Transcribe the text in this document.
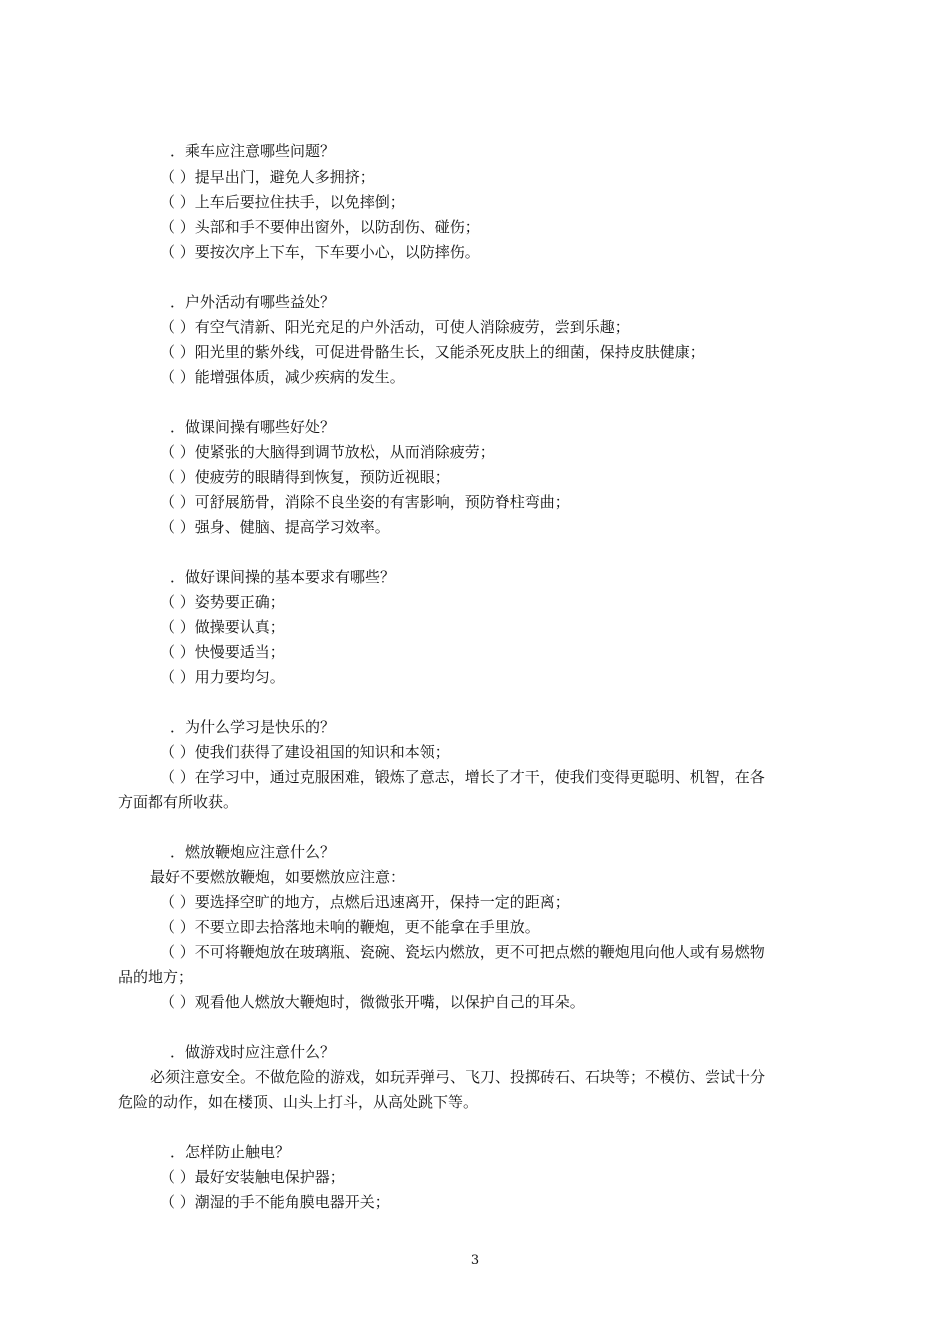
．乘车应注意哪些问题？
（ ）提早出门，避免人多拥挤；
（ ）上车后要拉住扶手，以免摔倒；
（ ）头部和手不要伸出窗外，以防刮伤、碰伤；
（ ）要按次序上下车，下车要小心，以防摔伤。
．户外活动有哪些益处？
（ ）有空气清新、阳光充足的户外活动，可使人消除疲劳，尝到乐趣；
（ ）阳光里的紫外线，可促进骨骼生长，又能杀死皮肤上的细菌，保持皮肤健康；
（ ）能增强体质，减少疾病的发生。
．做课间操有哪些好处？
（ ）使紧张的大脑得到调节放松，从而消除疲劳；
（ ）使疲劳的眼睛得到恢复，预防近视眼；
（ ）可舒展筋骨，消除不良坐姿的有害影响，预防脊柱弯曲；
（ ）强身、健脑、提高学习效率。
．做好课间操的基本要求有哪些？
（ ）姿势要正确；
（ ）做操要认真；
（ ）快慢要适当；
（ ）用力要均匀。
．为什么学习是快乐的？
（ ）使我们获得了建设祖国的知识和本领；
（ ）在学习中，通过克服困难，锻炼了意志，增长了才干，使我们变得更聪明、机智，在各
方面都有所收获。
．燃放鞭炮应注意什么？
最好不要燃放鞭炮，如要燃放应注意：
（ ）要选择空旷的地方，点燃后迅速离开，保持一定的距离；
（ ）不要立即去拾落地未响的鞭炮，更不能拿在手里放。
（ ）不可将鞭炮放在玻璃瓶、瓷碗、瓷坛内燃放，更不可把点燃的鞭炮甩向他人或有易燃物
品的地方；
（ ）观看他人燃放大鞭炮时，微微张开嘴，以保护自己的耳朵。
．做游戏时应注意什么？
必须注意安全。不做危险的游戏，如玩弄弹弓、飞刀、投掷砖石、石块等；不模仿、尝试十分
危险的动作，如在楼顶、山头上打斗，从高处跳下等。
．怎样防止触电？
（ ）最好安装触电保护器；
（ ）潮湿的手不能角膜电器开关；
3
